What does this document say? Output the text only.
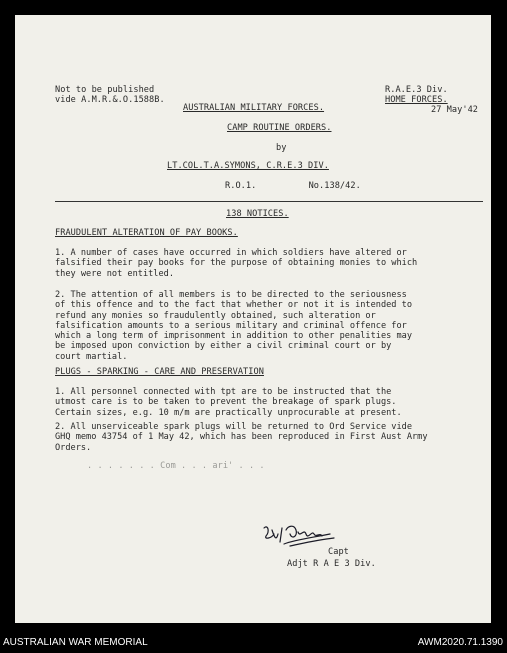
Not to be published
vide A.M.R.&.O.1588B.
R.A.E.3 Div.
HOME FORCES.
27 May'42
AUSTRALIAN MILITARY FORCES.
CAMP ROUTINE ORDERS.
by
LT.COL.T.A.SYMONS, C.R.E.3 DIV.
R.O.1.          No.138/42.
138 NOTICES.
FRAUDULENT ALTERATION OF PAY BOOKS.
1. A number of cases have occurred in which soldiers have altered or
falsified their pay books for the purpose of obtaining monies to which
they were not entitled.
2. The attention of all members is to be directed to the seriousness
of this offence and to the fact that whether or not it is intended to
refund any monies so fraudulently obtained, such alteration or
falsification amounts to a serious military and criminal offence for
which a long term of imprisonment in addition to other penalities may
be imposed upon conviction by either a civil criminal court or by
court martial.
PLUGS - SPARKING - CARE AND PRESERVATION
1. All personnel connected with tpt are to be instructed that the
utmost care is to be taken to prevent the breakage of spark plugs.
Certain sizes, e.g. 10 m/m are practically unprocurable at present.
2. All unserviceable spark plugs will be returned to Ord Service vide
GHQ memo 43754 of 1 May 42, which has been reproduced in First Aust Army
Orders.
. . . . . . . Com . . . ari' . . .
Capt
Adjt R A E 3 Div.
AUSTRALIAN WAR MEMORIAL	AWM2020.71.1390
